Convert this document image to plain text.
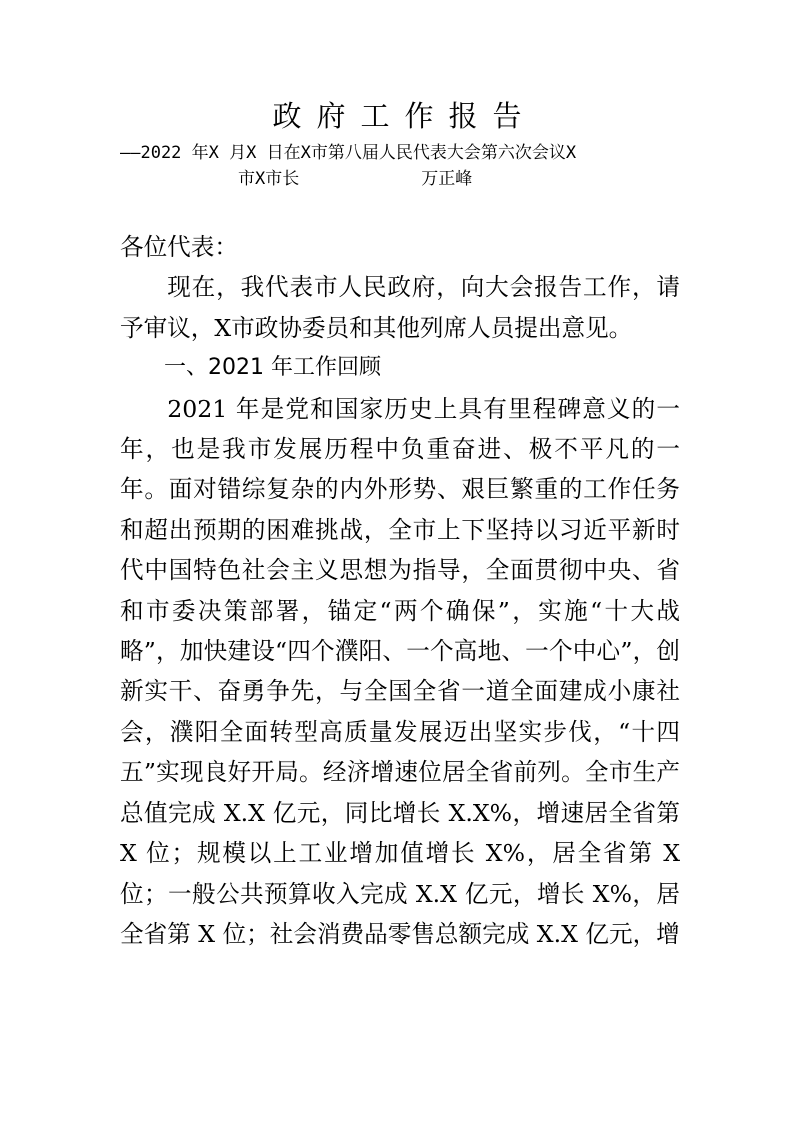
政府工作报告
——2022 年X 月X 日在X市第八届人民代表大会第六次会议X
市X市长	万正峰

各位代表：

现在，我代表市人民政府，向大会报告工作，请予审议，X市政协委员和其他列席人员提出意见。

一、2021 年工作回顾

2021 年是党和国家历史上具有里程碑意义的一年，也是我市发展历程中负重奋进、极不平凡的一年。面对错综复杂的内外形势、艰巨繁重的工作任务和超出预期的困难挑战，全市上下坚持以习近平新时代中国特色社会主义思想为指导，全面贯彻中央、省和市委决策部署，锚定“两个确保”，实施“十大战略”，加快建设“四个濮阳、一个高地、一个中心”，创新实干、奋勇争先，与全国全省一道全面建成小康社会，濮阳全面转型高质量发展迈出坚实步伐，“十四五”实现良好开局。经济增速位居全省前列。全市生产总值完成 X.X 亿元，同比增长 X.X%，增速居全省第 X 位；规模以上工业增加值增长 X%，居全省第 X 位；一般公共预算收入完成 X.X 亿元，增长 X%，居全省第 X 位；社会消费品零售总额完成 X.X 亿元，增
